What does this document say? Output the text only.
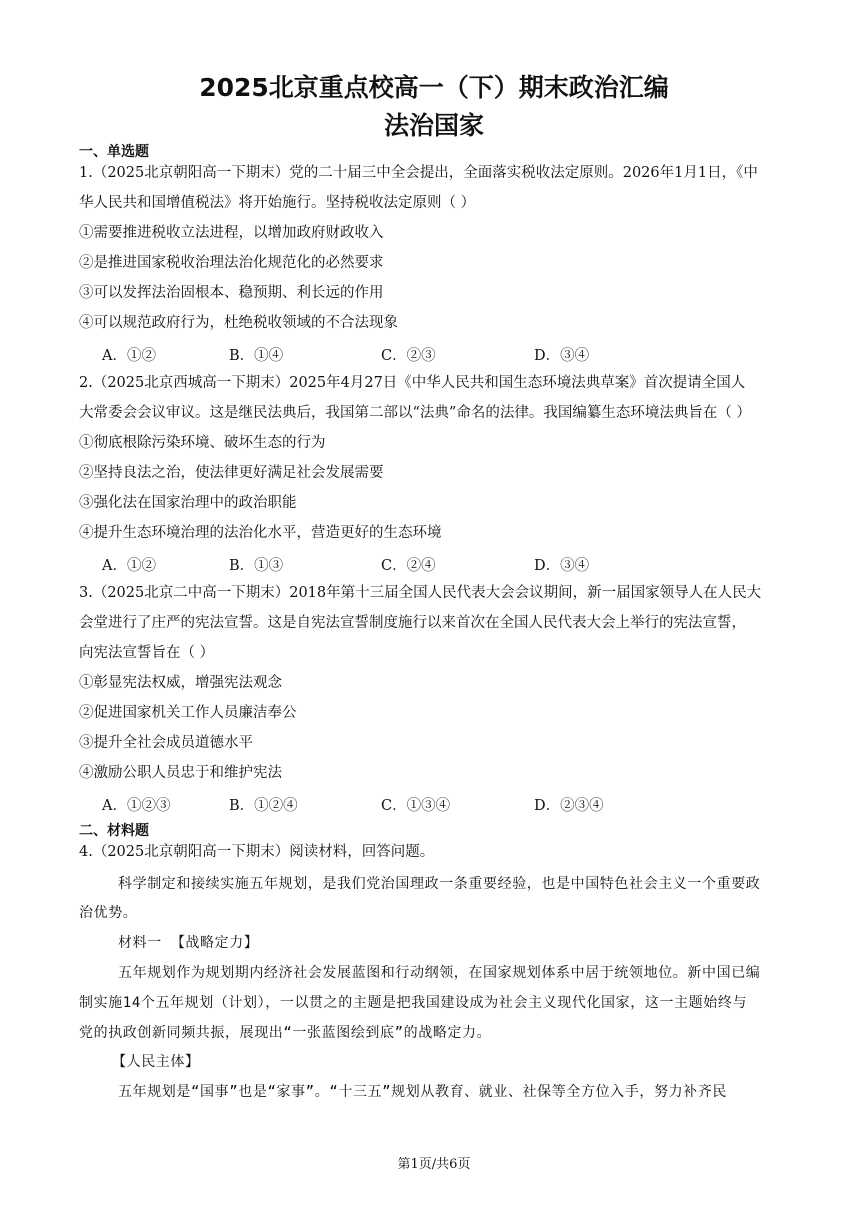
2025北京重点校高一（下）期末政治汇编
法治国家
一、单选题
1.（2025北京朝阳高一下期末）党的二十届三中全会提出，全面落实税收法定原则。2026年1月1日，《中
华人民共和国增值税法》将开始施行。坚持税收法定原则（ ）
①需要推进税收立法进程，以增加政府财政收入
②是推进国家税收治理法治化规范化的必然要求
③可以发挥法治固根本、稳预期、利长远的作用
④可以规范政府行为，杜绝税收领域的不合法现象
A．①②	B．①④	C．②③	D．③④
2.（2025北京西城高一下期末）2025年4月27日《中华人民共和国生态环境法典草案》首次提请全国人
大常委会会议审议。这是继民法典后，我国第二部以“法典”命名的法律。我国编纂生态环境法典旨在（ ）
①彻底根除污染环境、破坏生态的行为
②坚持良法之治，使法律更好满足社会发展需要
③强化法在国家治理中的政治职能
④提升生态环境治理的法治化水平，营造更好的生态环境
A．①②	B．①③	C．②④	D．③④
3.（2025北京二中高一下期末）2018年第十三届全国人民代表大会会议期间，新一届国家领导人在人民大
会堂进行了庄严的宪法宣誓。这是自宪法宣誓制度施行以来首次在全国人民代表大会上举行的宪法宣誓，
向宪法宣誓旨在（ ）
①彰显宪法权威，增强宪法观念
②促进国家机关工作人员廉洁奉公
③提升全社会成员道德水平
④激励公职人员忠于和维护宪法
A．①②③	B．①②④	C．①③④	D．②③④
二、材料题
4.（2025北京朝阳高一下期末）阅读材料，回答问题。
科学制定和接续实施五年规划，是我们党治国理政一条重要经验，也是中国特色社会主义一个重要政
治优势。
材料一 【战略定力】
五年规划作为规划期内经济社会发展蓝图和行动纲领，在国家规划体系中居于统领地位。新中国已编
制实施14个五年规划（计划），一以贯之的主题是把我国建设成为社会主义现代化国家，这一主题始终与
党的执政创新同频共振，展现出“一张蓝图绘到底”的战略定力。
【人民主体】
五年规划是“国事”也是“家事”。“十三五”规划从教育、就业、社保等全方位入手，努力补齐民
第1页/共6页
